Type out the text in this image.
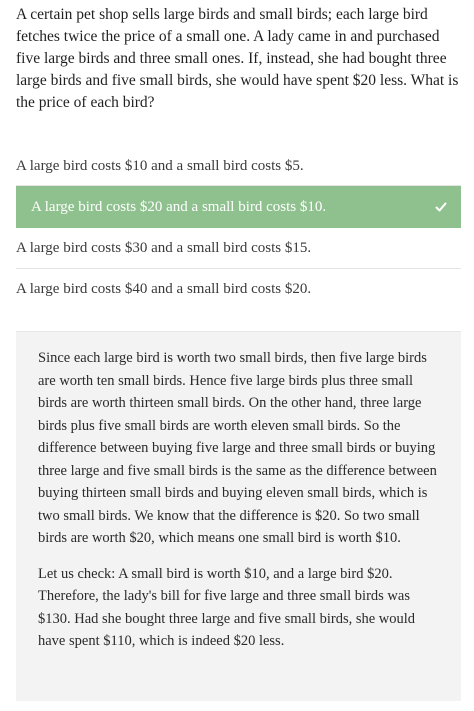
A certain pet shop sells large birds and small birds; each large bird fetches twice the price of a small one. A lady came in and purchased five large birds and three small ones. If, instead, she had bought three large birds and five small birds, she would have spent $20 less. What is the price of each bird?
A large bird costs $10 and a small bird costs $5.
A large bird costs $20 and a small bird costs $10.
A large bird costs $30 and a small bird costs $15.
A large bird costs $40 and a small bird costs $20.

Since each large bird is worth two small birds, then five large birds are worth ten small birds. Hence five large birds plus three small birds are worth thirteen small birds. On the other hand, three large birds plus five small birds are worth eleven small birds. So the difference between buying five large and three small birds or buying three large and five small birds is the same as the difference between buying thirteen small birds and buying eleven small birds, which is two small birds. We know that the difference is $20. So two small birds are worth $20, which means one small bird is worth $10.

Let us check: A small bird is worth $10, and a large bird $20. Therefore, the lady's bill for five large and three small birds was $130. Had she bought three large and five small birds, she would have spent $110, which is indeed $20 less.
